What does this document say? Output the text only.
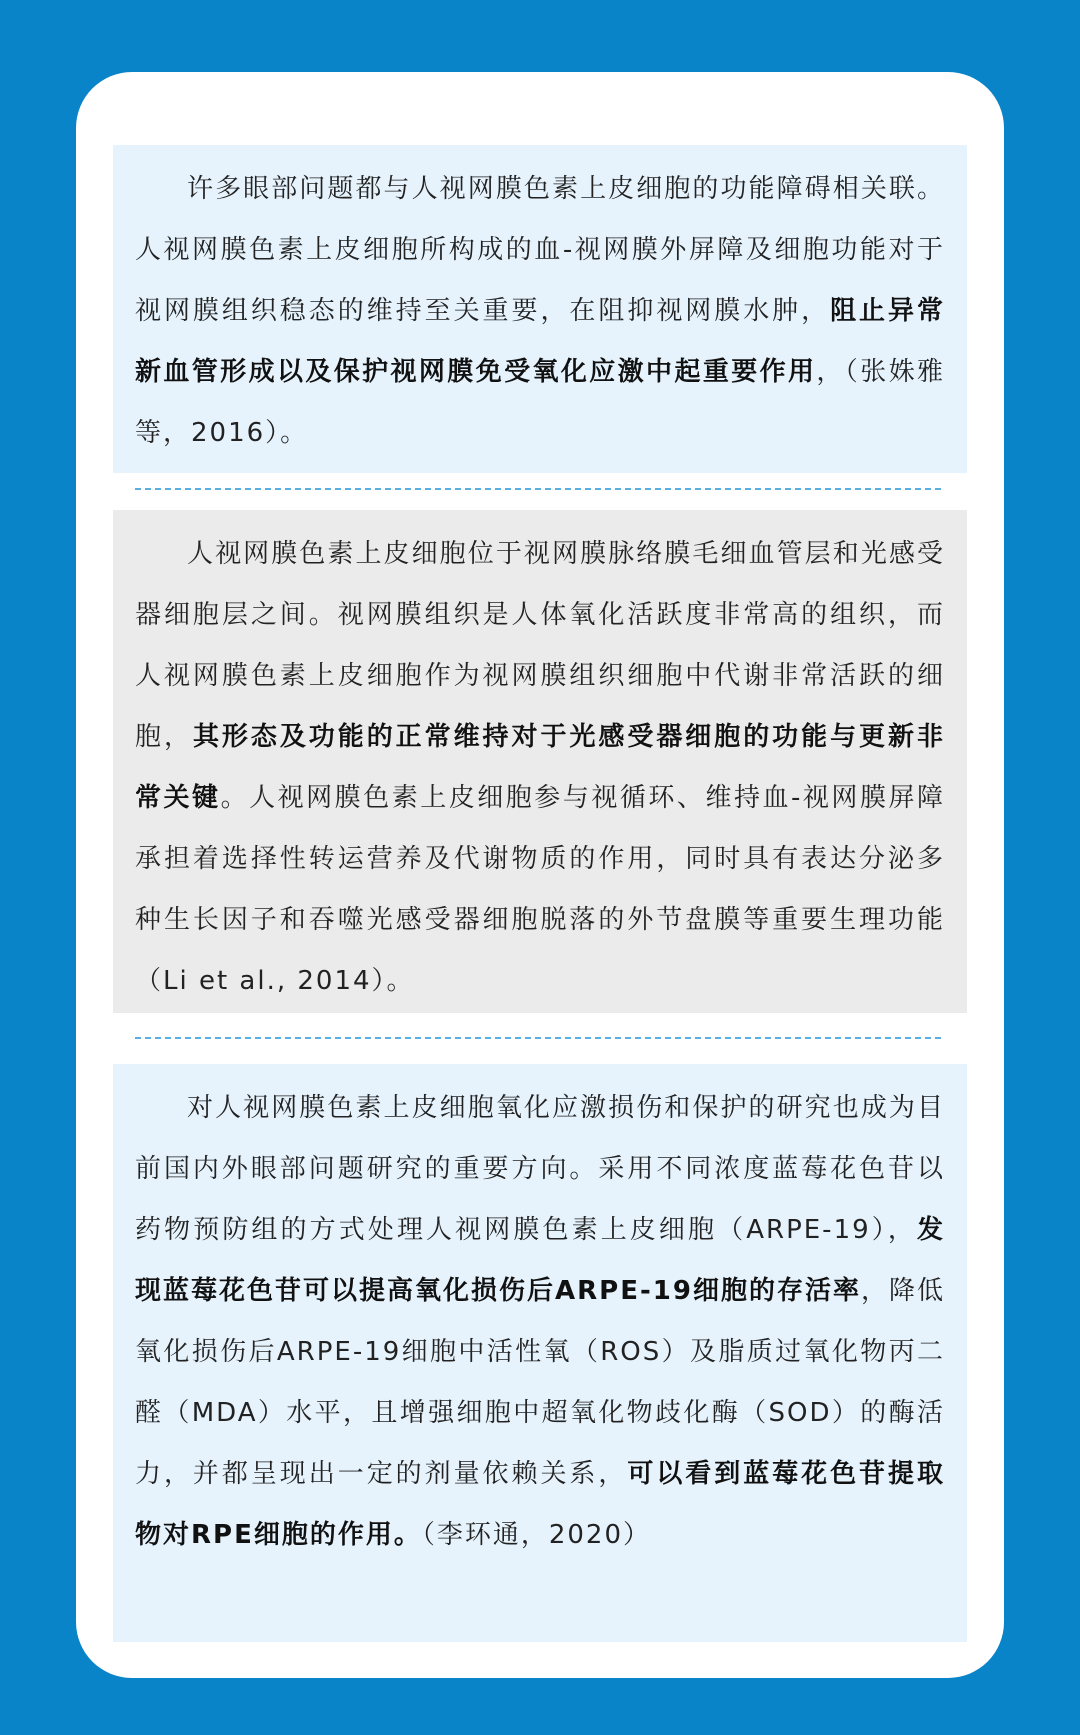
许多眼部问题都与人视网膜色素上皮细胞的功能障碍相关联。人视网膜色素上皮细胞所构成的血-视网膜外屏障及细胞功能对于视网膜组织稳态的维持至关重要，在阻抑视网膜水肿，阻止异常新血管形成以及保护视网膜免受氧化应激中起重要作用，（张姝雅等，2016）。

人视网膜色素上皮细胞位于视网膜脉络膜毛细血管层和光感受器细胞层之间。视网膜组织是人体氧化活跃度非常高的组织，而人视网膜色素上皮细胞作为视网膜组织细胞中代谢非常活跃的细胞，其形态及功能的正常维持对于光感受器细胞的功能与更新非常关键。人视网膜色素上皮细胞参与视循环、维持血-视网膜屏障承担着选择性转运营养及代谢物质的作用，同时具有表达分泌多种生长因子和吞噬光感受器细胞脱落的外节盘膜等重要生理功能（Li et al., 2014）。

对人视网膜色素上皮细胞氧化应激损伤和保护的研究也成为目前国内外眼部问题研究的重要方向。采用不同浓度蓝莓花色苷以药物预防组的方式处理人视网膜色素上皮细胞（ARPE-19），发现蓝莓花色苷可以提高氧化损伤后ARPE-19细胞的存活率，降低氧化损伤后ARPE-19细胞中活性氧（ROS）及脂质过氧化物丙二醛（MDA）水平，且增强细胞中超氧化物歧化酶（SOD）的酶活力，并都呈现出一定的剂量依赖关系，可以看到蓝莓花色苷提取物对RPE细胞的作用。（李环通，2020）
